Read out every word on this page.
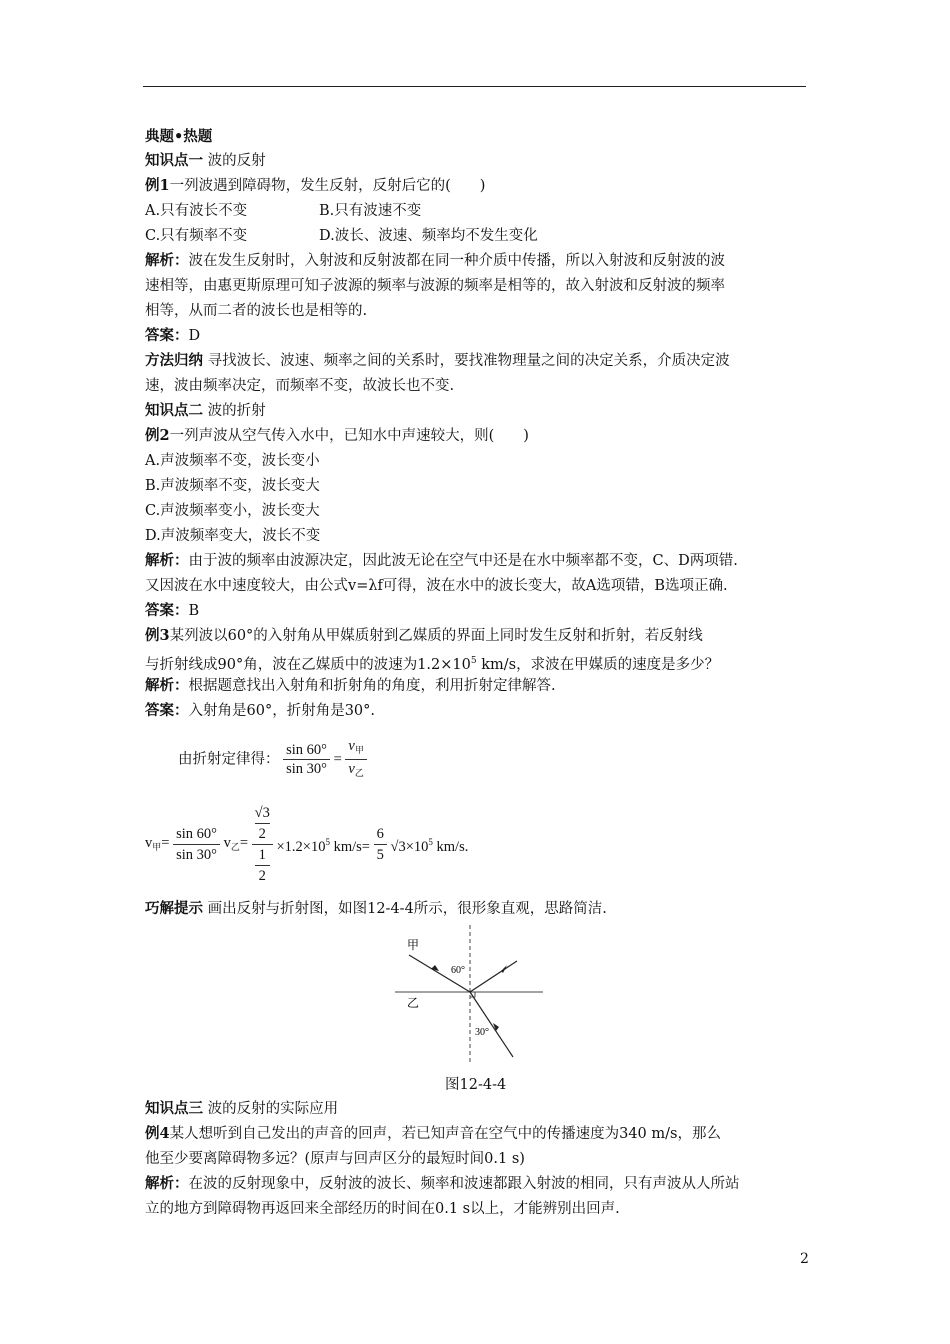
典题•热题
知识点一 波的反射
例1一列波遇到障碍物，发生反射，反射后它的(　　)
A.只有波长不变	B.只有波速不变
C.只有频率不变	D.波长、波速、频率均不发生变化
解析：波在发生反射时，入射波和反射波都在同一种介质中传播，所以入射波和反射波的波
速相等，由惠更斯原理可知子波源的频率与波源的频率是相等的，故入射波和反射波的频率
相等，从而二者的波长也是相等的.
答案：D
方法归纳 寻找波长、波速、频率之间的关系时，要找准物理量之间的决定关系，介质决定波
速，波由频率决定，而频率不变，故波长也不变.
知识点二 波的折射
例2一列声波从空气传入水中，已知水中声速较大，则(　　)
A.声波频率不变，波长变小
B.声波频率不变，波长变大
C.声波频率变小，波长变大
D.声波频率变大，波长不变
解析：由于波的频率由波源决定，因此波无论在空气中还是在水中频率都不变，C、D两项错.
又因波在水中速度较大，由公式v=λf可得，波在水中的波长变大，故A选项错，B选项正确.
答案：B
例3某列波以60°的入射角从甲媒质射到乙媒质的界面上同时发生反射和折射，若反射线
与折射线成90°角，波在乙媒质中的波速为$1.2\times 10^5$ km/s，求波在甲媒质的速度是多少？
解析：根据题意找出入射角和折射角的角度，利用折射定律解答.
答案：入射角是60°，折射角是30°.
由折射定律得： $\frac{\sin 60^\circ}{\sin 30^\circ} = \frac{v_甲}{v_乙}$
$v_甲= \frac{\sin 60^\circ}{\sin 30^\circ} v_乙= √3$
2
1
$2 \times 1.2\times 10^5$ $km/s= \frac{6}{5} √3\times 10^5$ km/s.
巧解提示 画出反射与折射图，如图12-4-4所示，很形象直观，思路简洁.
甲
乙
60°
30°
图12-4-4
知识点三 波的反射的实际应用
例4某人想听到自己发出的声音的回声，若已知声音在空气中的传播速度为340 m/s，那么
他至少要离障碍物多远？(原声与回声区分的最短时间0.1 s)
解析：在波的反射现象中，反射波的波长、频率和波速都跟入射波的相同，只有声波从人所站
立的地方到障碍物再返回来全部经历的时间在0.1 s以上，才能辨别出回声.
2
